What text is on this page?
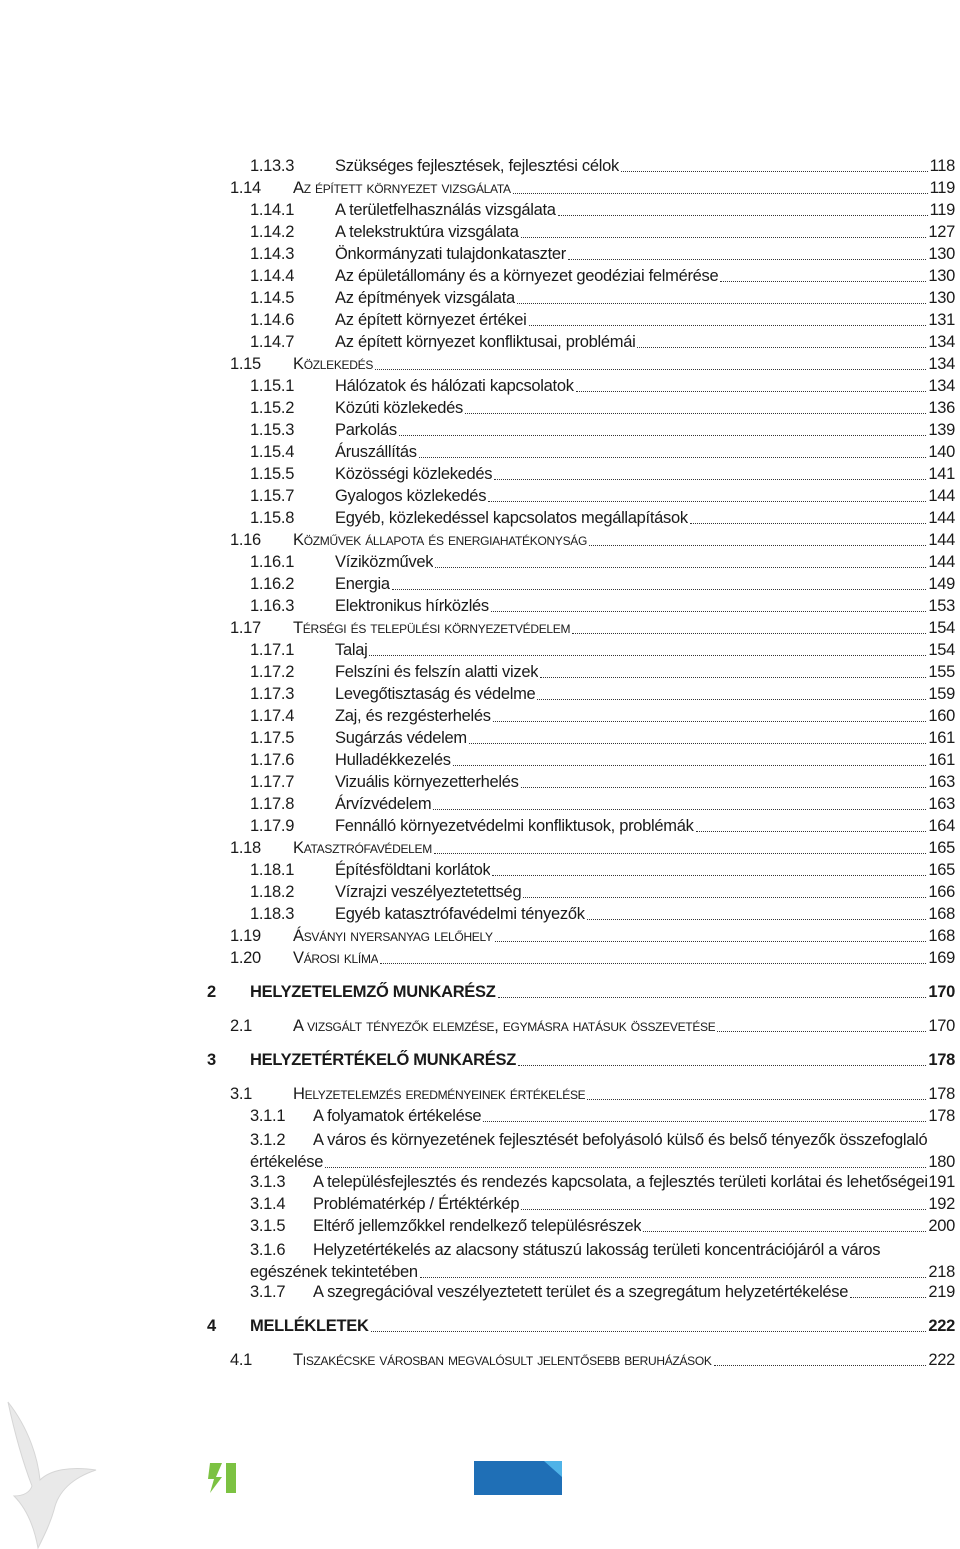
1.13.3	Szükséges fejlesztések, fejlesztési célok	118
1.14	Az épített környezet vizsgálata	119
1.14.1	A területfelhasználás vizsgálata	119
1.14.2	A telekstruktúra vizsgálata	127
1.14.3	Önkormányzati tulajdonkataszter	130
1.14.4	Az épületállomány és a környezet geodéziai felmérése	130
1.14.5	Az építmények vizsgálata	130
1.14.6	Az épített környezet értékei	131
1.14.7	Az épített környezet konfliktusai, problémái	134
1.15	Közlekedés	134
1.15.1	Hálózatok és hálózati kapcsolatok	134
1.15.2	Közúti közlekedés	136
1.15.3	Parkolás	139
1.15.4	Áruszállítás	140
1.15.5	Közösségi közlekedés	141
1.15.7	Gyalogos közlekedés	144
1.15.8	Egyéb, közlekedéssel kapcsolatos megállapítások	144
1.16	Közművek állapota és energiahatékonyság	144
1.16.1	Víziközművek	144
1.16.2	Energia	149
1.16.3	Elektronikus hírközlés	153
1.17	Térségi és települési környezetvédelem	154
1.17.1	Talaj	154
1.17.2	Felszíni és felszín alatti vizek	155
1.17.3	Levegőtisztaság és védelme	159
1.17.4	Zaj, és rezgésterhelés	160
1.17.5	Sugárzás védelem	161
1.17.6	Hulladékkezelés	161
1.17.7	Vizuális környezetterhelés	163
1.17.8	Árvízvédelem	163
1.17.9	Fennálló környezetvédelmi konfliktusok, problémák	164
1.18	Katasztrófavédelem	165
1.18.1	Építésföldtani korlátok	165
1.18.2	Vízrajzi veszélyeztetettség	166
1.18.3	Egyéb katasztrófavédelmi tényezők	168
1.19	Ásványi nyersanyag lelőhely	168
1.20	Városi klíma	169
2	HELYZETELEMZŐ MUNKARÉSZ	170
2.1	A vizsgált tényezők elemzése, egymásra hatásuk összevetése	170
3	HELYZETÉRTÉKELŐ MUNKARÉSZ	178
3.1	Helyzetelemzés eredményeinek értékelése	178
3.1.1	A folyamatok értékelése	178
3.1.2	A város és környezetének fejlesztését befolyásoló külső és belső tényezők összefoglaló
értékelése	180
3.1.3	A településfejlesztés és rendezés kapcsolata, a fejlesztés területi korlátai és lehetőségei 191
3.1.4	Problématérkép / Értéktérkép	192
3.1.5	Eltérő jellemzőkkel rendelkező településrészek	200
3.1.6	Helyzetértékelés az alacsony státuszú lakosság területi koncentrációjáról a város
egészének tekintetében	218
3.1.7	A szegregációval veszélyeztetett terület és a szegregátum helyzetértékelése	219
4	MELLÉKLETEK	222
4.1	Tiszakécske városban megvalósult jelentősebb beruházások	222
